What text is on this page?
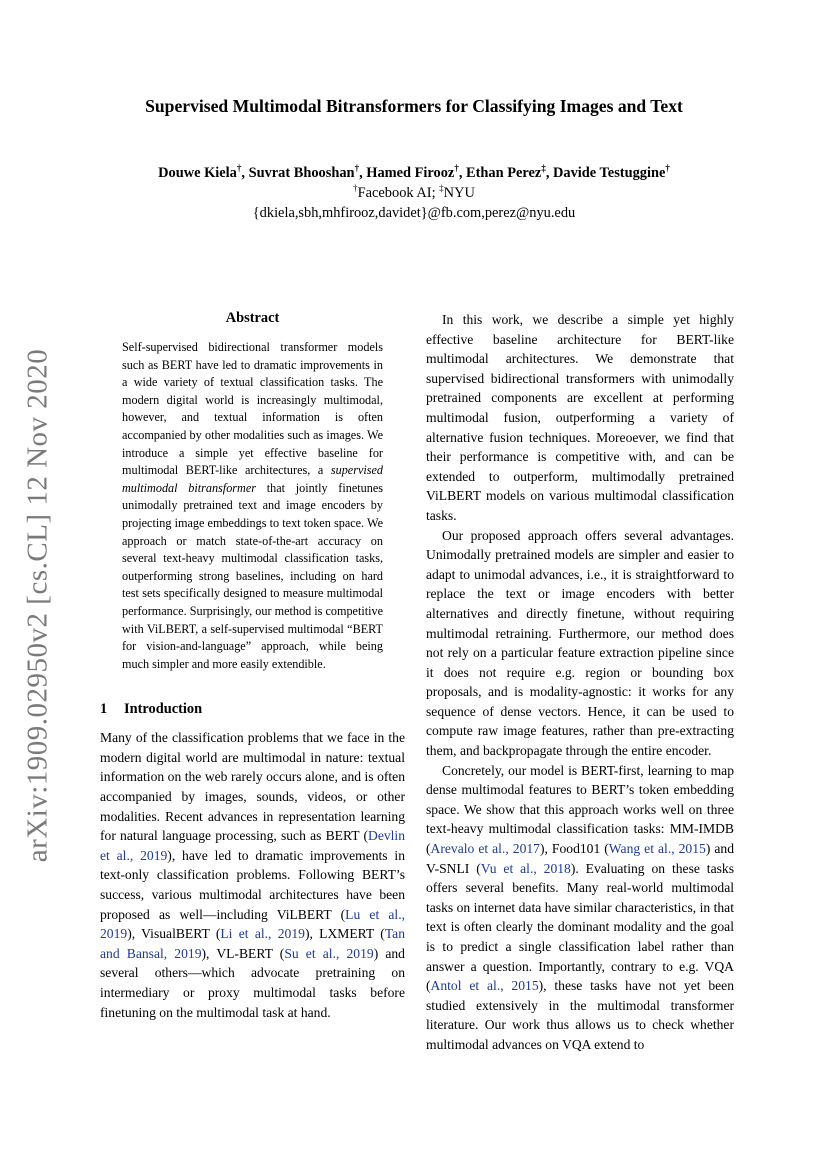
arXiv:1909.02950v2 [cs.CL] 12 Nov 2020
Supervised Multimodal Bitransformers for Classifying Images and Text
Douwe Kiela†, Suvrat Bhooshan†, Hamed Firooz†, Ethan Perez‡, Davide Testuggine†
†Facebook AI; ‡NYU
{dkiela,sbh,mhfirooz,davidet}@fb.com,perez@nyu.edu
Abstract

Self-supervised bidirectional transformer models such as BERT have led to dramatic improvements in a wide variety of textual classification tasks. The modern digital world is increasingly multimodal, however, and textual information is often accompanied by other modalities such as images. We introduce a simple yet effective baseline for multimodal BERT-like architectures, a supervised multimodal bitransformer that jointly finetunes unimodally pretrained text and image encoders by projecting image embeddings to text token space. We approach or match state-of-the-art accuracy on several text-heavy multimodal classification tasks, outperforming strong baselines, including on hard test sets specifically designed to measure multimodal performance. Surprisingly, our method is competitive with ViLBERT, a self-supervised multimodal “BERT for vision-and-language” approach, while being much simpler and more easily extendible.

1 Introduction

Many of the classification problems that we face in the modern digital world are multimodal in nature: textual information on the web rarely occurs alone, and is often accompanied by images, sounds, videos, or other modalities. Recent advances in representation learning for natural language processing, such as BERT (Devlin et al., 2019), have led to dramatic improvements in text-only classification problems. Following BERT’s success, various multimodal architectures have been proposed as well—including ViLBERT (Lu et al., 2019), VisualBERT (Li et al., 2019), LXMERT (Tan and Bansal, 2019), VL-BERT (Su et al., 2019) and several others—which advocate pretraining on intermediary or proxy multimodal tasks before finetuning on the multimodal task at hand.

In this work, we describe a simple yet highly effective baseline architecture for BERT-like multimodal architectures. We demonstrate that supervised bidirectional transformers with unimodally pretrained components are excellent at performing multimodal fusion, outperforming a variety of alternative fusion techniques. Moreoever, we find that their performance is competitive with, and can be extended to outperform, multimodally pretrained ViLBERT models on various multimodal classification tasks.

Our proposed approach offers several advantages. Unimodally pretrained models are simpler and easier to adapt to unimodal advances, i.e., it is straightforward to replace the text or image encoders with better alternatives and directly finetune, without requiring multimodal retraining. Furthermore, our method does not rely on a particular feature extraction pipeline since it does not require e.g. region or bounding box proposals, and is modality-agnostic: it works for any sequence of dense vectors. Hence, it can be used to compute raw image features, rather than pre-extracting them, and backpropagate through the entire encoder.

Concretely, our model is BERT-first, learning to map dense multimodal features to BERT’s token embedding space. We show that this approach works well on three text-heavy multimodal classification tasks: MM-IMDB (Arevalo et al., 2017), Food101 (Wang et al., 2015) and V-SNLI (Vu et al., 2018). Evaluating on these tasks offers several benefits. Many real-world multimodal tasks on internet data have similar characteristics, in that text is often clearly the dominant modality and the goal is to predict a single classification label rather than answer a question. Importantly, contrary to e.g. VQA (Antol et al., 2015), these tasks have not yet been studied extensively in the multimodal transformer literature. Our work thus allows us to check whether multimodal advances on VQA extend to
